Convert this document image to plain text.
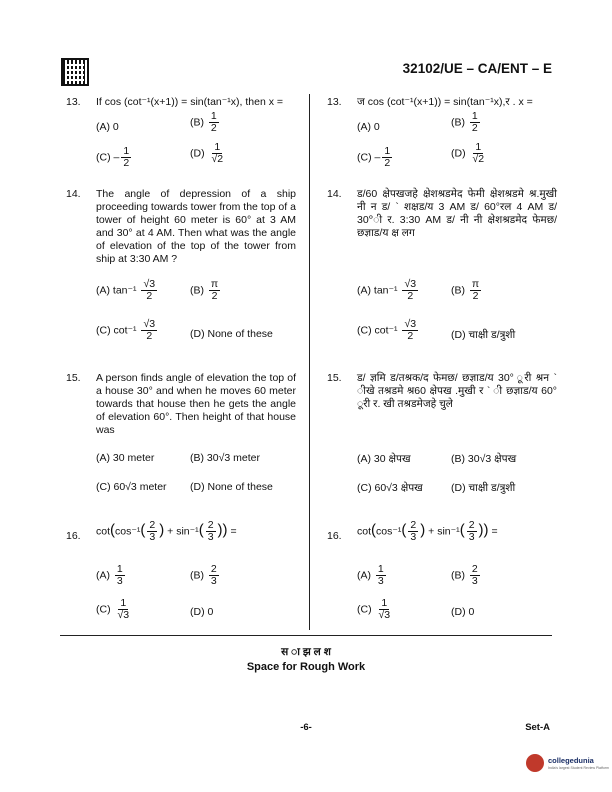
32102/UE – CA/ENT – E
13. If cos (cot⁻¹(x+1)) = sin(tan⁻¹x), then x =
(A) 0	$(B) \frac{1}{2}$
$(C) - \frac{1}{2}$	$(D) \frac{1}{√2}$
14. The angle of depression of a ship proceeding towards tower from the top of a tower of height 60 meter is 60° at 3 AM and 30° at 4 AM. Then what was the angle of elevation of the top of the tower from ship at 3:30 AM ?
(A) $\tan^{-1} \frac{√3}{2}$	$(B) \frac{\pi}{2}$
(C) $\cot^{-1} \frac{√3}{2}$	(D) None of these
15. A person finds angle of elevation the top of a house 30° and when he moves 60 meter towards that house then he gets the angle of elevation 60°. Then height of that house was
(A) 30 meter	(B) 30√3 meter
(C) 60√3 meter (D) None of these
16. $\cot(\cos^{-1}( \frac{2}{3}$ ) + $\sin^{-1}( \frac{2}{3}$ )) =
$(A) \frac{1}{3}$	$(B) \frac{2}{3}$
$(C) \frac{1}{√3}$	(D) 0
13. ज cos (cot⁻¹(x+1)) = sin(tan⁻¹x),र . x =
(A) 0	$(B) \frac{1}{2}$
$(C) - \frac{1}{2}$	$(D) \frac{1}{√2}$
14. ड/60 क्षेपखजहे क्षेशश्रडमेद फेमी क्षेशश्रडमे श्र.मुखी नी न ड/ ` शक्षड/य 3 AM ड/ 60°रल 4 AM ड/ 30°ी र. 3:30 AM ड/ नी नी क्षेशश्रडमेद फेमछ/ छज्ञाड/य क्ष लग
(A) $\tan^{-1} \frac{√3}{2}$	$(B) \frac{\pi}{2}$
(C) $\cot^{-1} \frac{√3}{2}$	(D) चाक्षी ड/त्रुशी
15. ड/ ज्ञमि ड/तश्रक/द फेमछ/ छज्ञाड/य 30° ूरी श्रन ` ीखे तश्रडमे श्र60 क्षेपख .मुखी र ` ी छज्ञाड/य 60° ूरी र. खी तश्रडमेजहे चुले
(A) 30 क्षेपख	(B) 30√3 क्षेपख
(C) 60√3 क्षेपख	(D) चाक्षी ड/त्रुशी
16. $\cot(\cos^{-1}( \frac{2}{3}$ ) + $\sin^{-1}( \frac{2}{3}$ )) =
$(A) \frac{1}{3}$	$(B) \frac{2}{3}$
$(C) \frac{1}{√3}$	(D) 0
स ा झ ल श
Space for Rough Work
-6-	Set-A
collegedunia
India's largest Student Review Platform
